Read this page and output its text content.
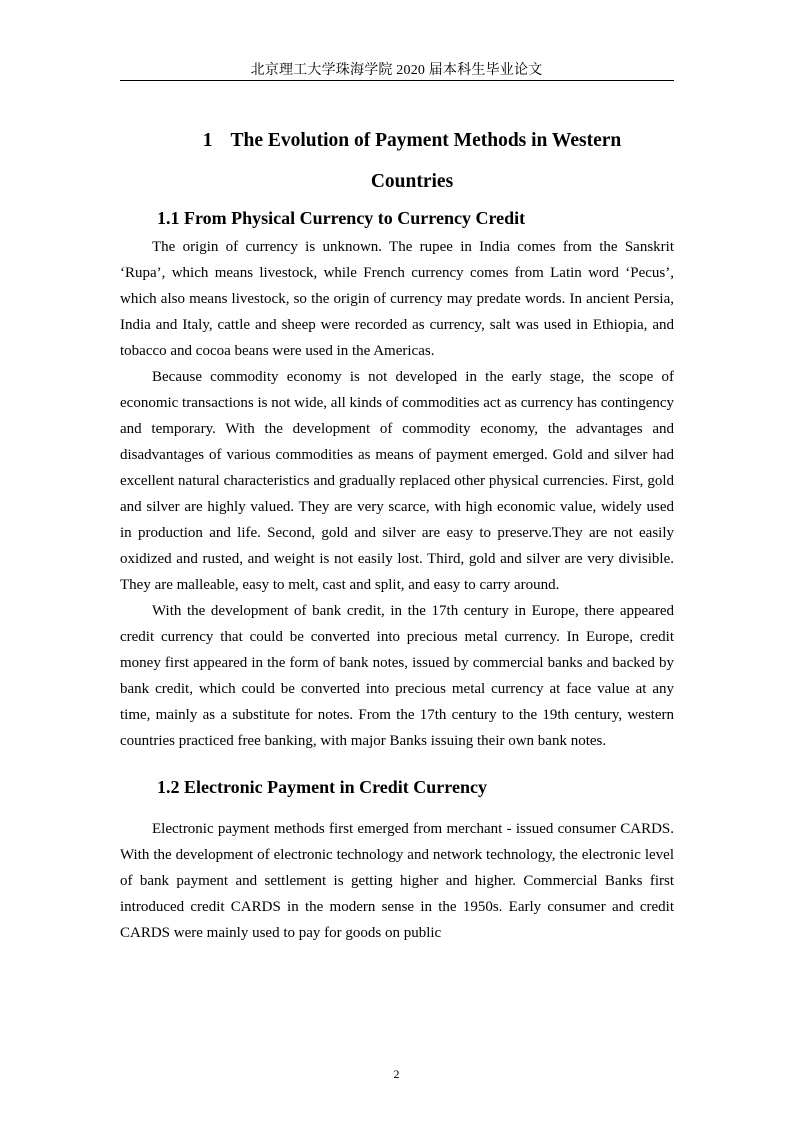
北京理工大学珠海学院 2020 届本科生毕业论文
1 The Evolution of Payment Methods in Western
Countries
1.1 From Physical Currency to Currency Credit

The origin of currency is unknown. The rupee in India comes from the Sanskrit ‘Rupa’, which means livestock, while French currency comes from Latin word ‘Pecus’, which also means livestock, so the origin of currency may predate words. In ancient Persia, India and Italy, cattle and sheep were recorded as currency, salt was used in Ethiopia, and tobacco and cocoa beans were used in the Americas.

Because commodity economy is not developed in the early stage, the scope of economic transactions is not wide, all kinds of commodities act as currency has contingency and temporary. With the development of commodity economy, the advantages and disadvantages of various commodities as means of payment emerged. Gold and silver had excellent natural characteristics and gradually replaced other physical currencies. First, gold and silver are highly valued. They are very scarce, with high economic value, widely used in production and life. Second, gold and silver are easy to preserve.They are not easily oxidized and rusted, and weight is not easily lost. Third, gold and silver are very divisible. They are malleable, easy to melt, cast and split, and easy to carry around.

With the development of bank credit, in the 17th century in Europe, there appeared credit currency that could be converted into precious metal currency. In Europe, credit money first appeared in the form of bank notes, issued by commercial banks and backed by bank credit, which could be converted into precious metal currency at face value at any time, mainly as a substitute for notes. From the 17th century to the 19th century, western countries practiced free banking, with major Banks issuing their own bank notes.

1.2 Electronic Payment in Credit Currency

Electronic payment methods first emerged from merchant - issued consumer CARDS. With the development of electronic technology and network technology, the electronic level of bank payment and settlement is getting higher and higher. Commercial Banks first introduced credit CARDS in the modern sense in the 1950s. Early consumer and credit CARDS were mainly used to pay for goods on public

2
